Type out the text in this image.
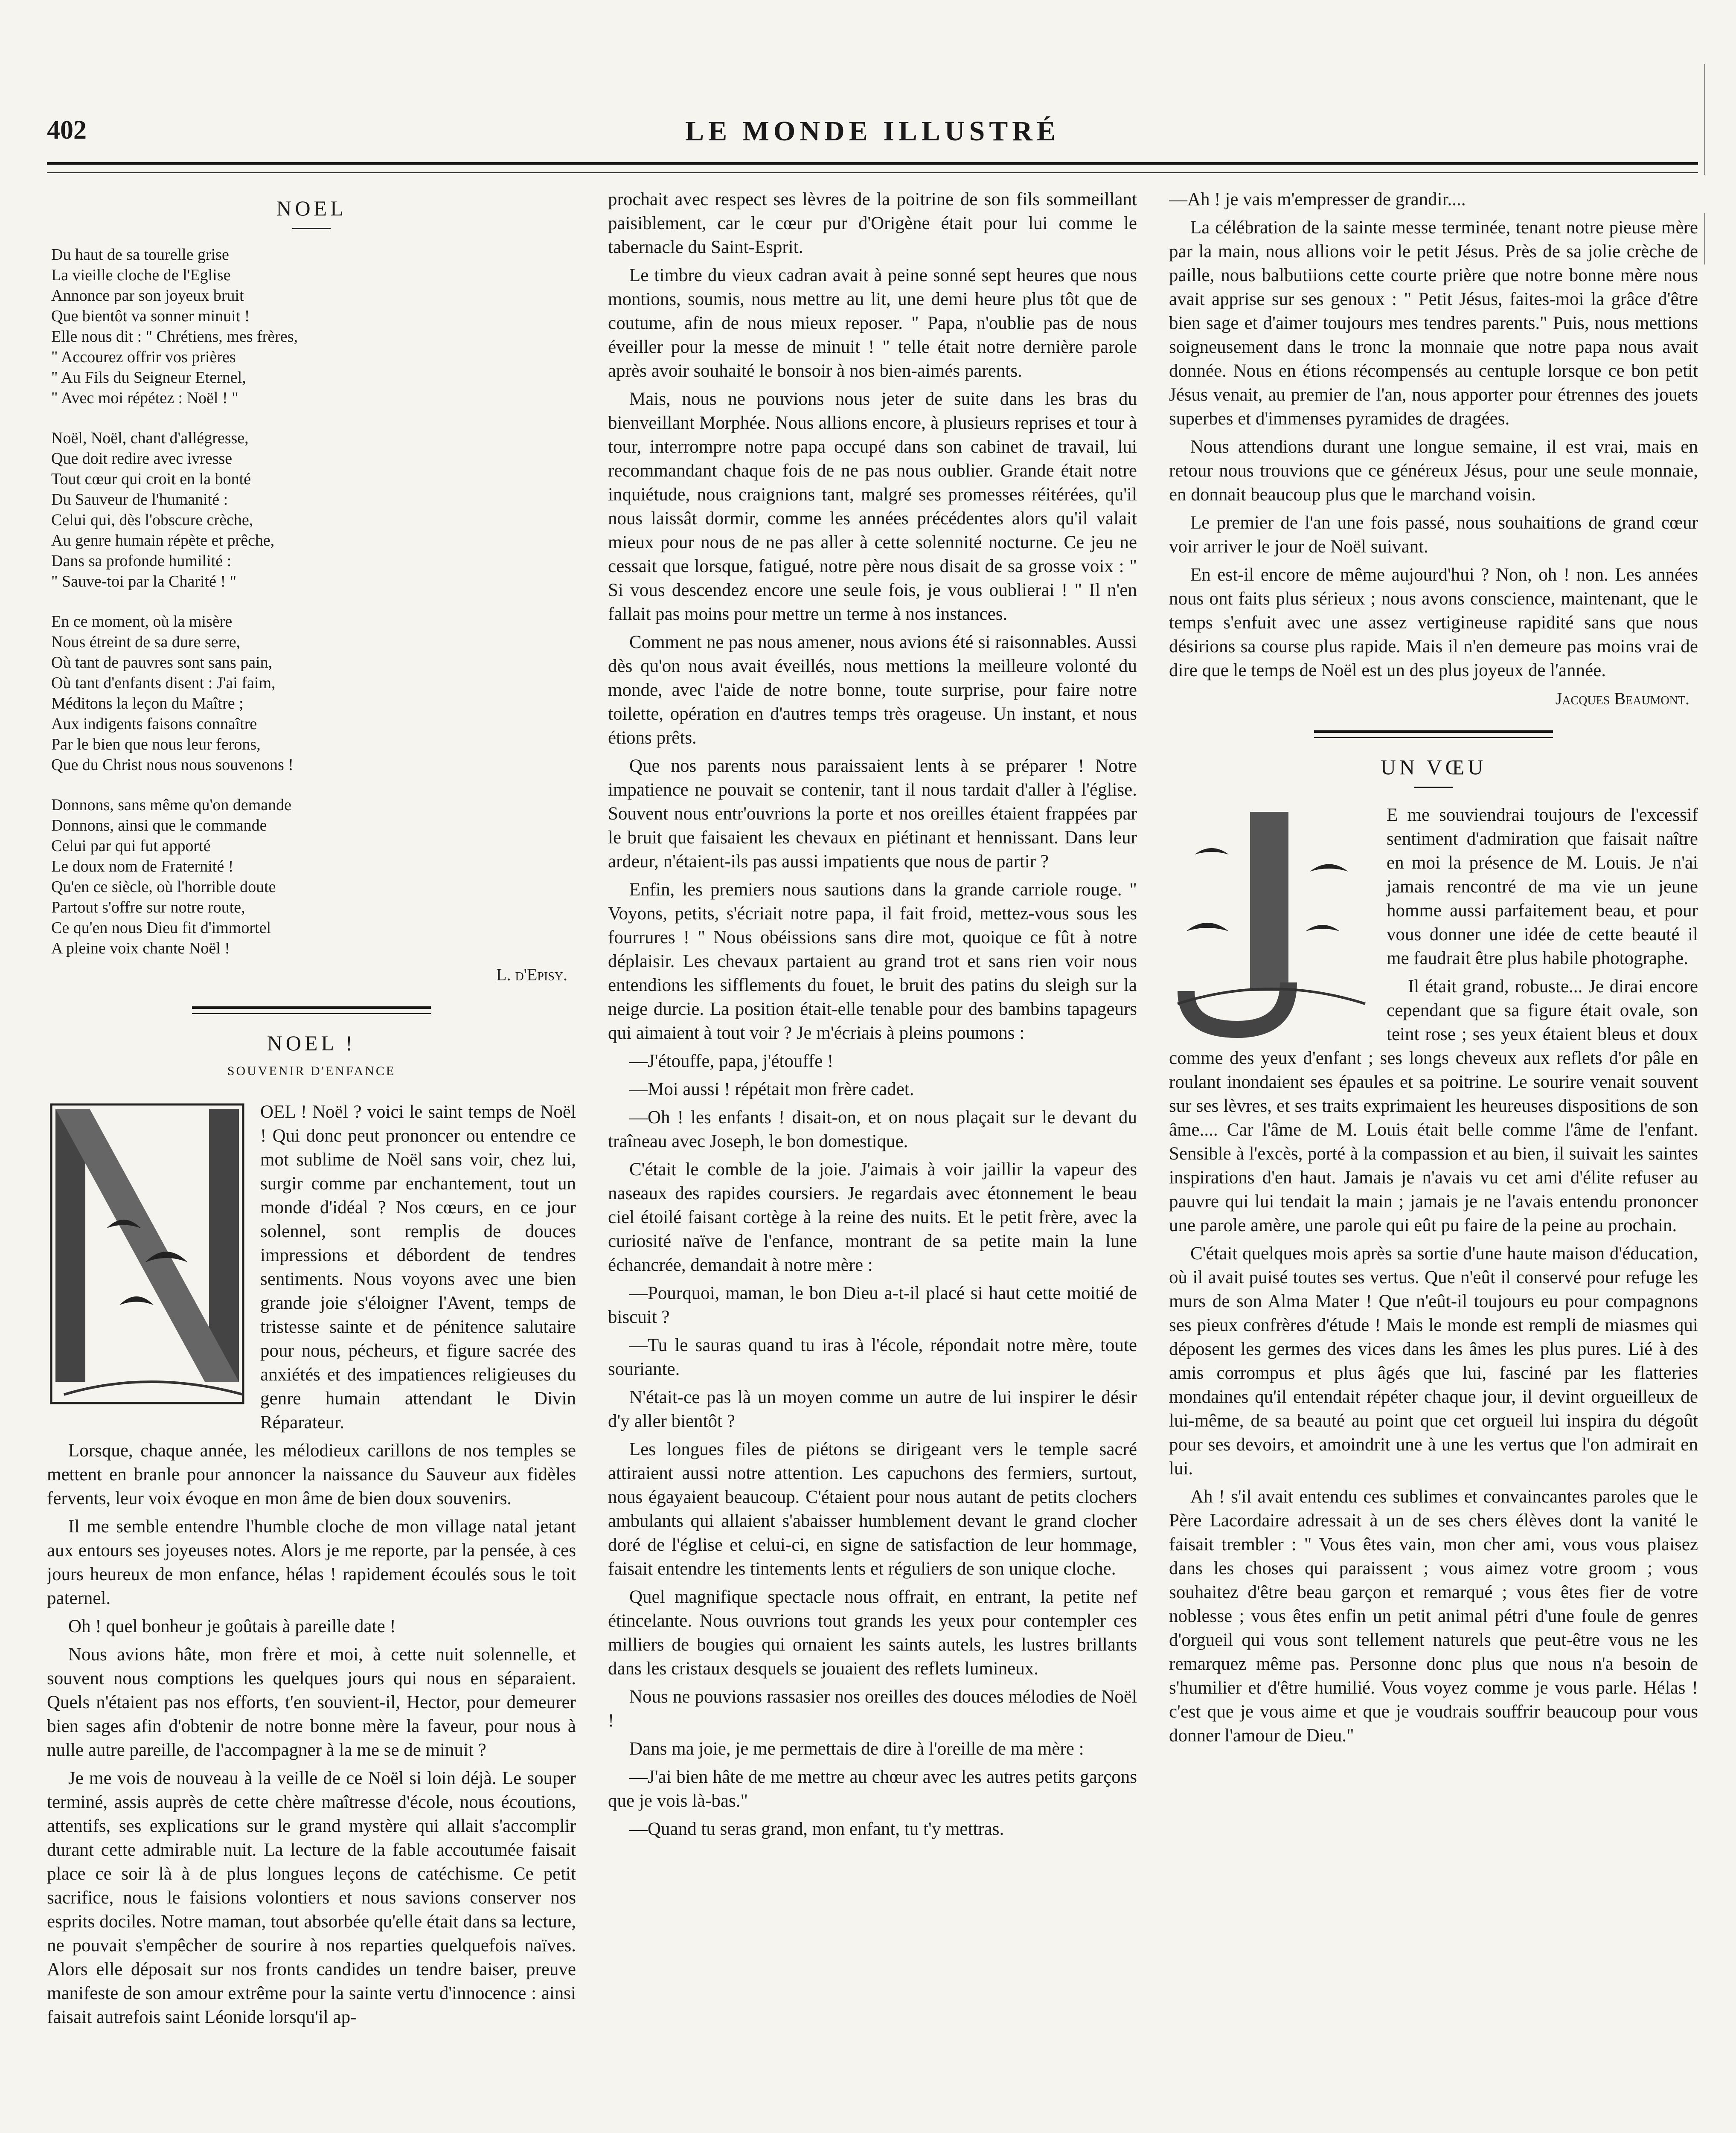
402	LE MONDE ILLUSTRÉ
NOEL
Du haut de sa tourelle grise
La vieille cloche de l'Eglise
Annonce par son joyeux bruit
Que bientôt va sonner minuit !
Elle nous dit : " Chrétiens, mes frères,
" Accourez offrir vos prières
" Au Fils du Seigneur Eternel,
" Avec moi répétez : Noël ! "
Noël, Noël, chant d'allégresse,
Que doit redire avec ivresse
Tout cœur qui croit en la bonté
Du Sauveur de l'humanité :
Celui qui, dès l'obscure crèche,
Au genre humain répète et prêche,
Dans sa profonde humilité :
" Sauve-toi par la Charité ! "
En ce moment, où la misère
Nous étreint de sa dure serre,
Où tant de pauvres sont sans pain,
Où tant d'enfants disent : J'ai faim,
Méditons la leçon du Maître ;
Aux indigents faisons connaître
Par le bien que nous leur ferons,
Que du Christ nous nous souvenons !
Donnons, sans même qu'on demande
Donnons, ainsi que le commande
Celui par qui fut apporté
Le doux nom de Fraternité !
Qu'en ce siècle, où l'horrible doute
Partout s'offre sur notre route,
Ce qu'en nous Dieu fit d'immortel
A pleine voix chante Noël !
L. d'Episy.
NOEL !
SOUVENIR D'ENFANCE

OEL ! Noël ? voici le saint temps de Noël ! Qui donc peut prononcer ou entendre ce mot sublime de Noël sans voir, chez lui, surgir comme par enchantement, tout un monde d'idéal ? Nos cœurs, en ce jour solennel, sont remplis de douces impressions et débordent de tendres sentiments. Nous voyons avec une bien grande joie s'éloigner l'Avent, temps de tristesse sainte et de pénitence salutaire pour nous, pécheurs, et figure sacrée des anxiétés et des impatiences religieuses du genre humain attendant le Divin Réparateur.

Lorsque, chaque année, les mélodieux carillons de nos temples se mettent en branle pour annoncer la naissance du Sauveur aux fidèles fervents, leur voix évoque en mon âme de bien doux souvenirs.

Il me semble entendre l'humble cloche de mon village natal jetant aux entours ses joyeuses notes. Alors je me reporte, par la pensée, à ces jours heureux de mon enfance, hélas ! rapidement écoulés sous le toit paternel.

Oh ! quel bonheur je goûtais à pareille date !

Nous avions hâte, mon frère et moi, à cette nuit solennelle, et souvent nous comptions les quelques jours qui nous en séparaient. Quels n'étaient pas nos efforts, t'en souvient-il, Hector, pour demeurer bien sages afin d'obtenir de notre bonne mère la faveur, pour nous à nulle autre pareille, de l'accompagner à la me se de minuit ?

Je me vois de nouveau à la veille de ce Noël si loin déjà. Le souper terminé, assis auprès de cette chère maîtresse d'école, nous écoutions, attentifs, ses explications sur le grand mystère qui allait s'accomplir durant cette admirable nuit. La lecture de la fable accoutumée faisait place ce soir là à de plus longues leçons de catéchisme. Ce petit sacrifice, nous le faisions volontiers et nous savions conserver nos esprits dociles. Notre maman, tout absorbée qu'elle était dans sa lecture, ne pouvait s'empêcher de sourire à nos reparties quelquefois naïves. Alors elle déposait sur nos fronts candides un tendre baiser, preuve manifeste de son amour extrême pour la sainte vertu d'innocence : ainsi faisait autrefois saint Léonide lorsqu'il ap-

prochait avec respect ses lèvres de la poitrine de son fils sommeillant paisiblement, car le cœur pur d'Origène était pour lui comme le tabernacle du Saint-Esprit.

Le timbre du vieux cadran avait à peine sonné sept heures que nous montions, soumis, nous mettre au lit, une demi heure plus tôt que de coutume, afin de nous mieux reposer. " Papa, n'oublie pas de nous éveiller pour la messe de minuit ! " telle était notre dernière parole après avoir souhaité le bonsoir à nos bien-aimés parents.

Mais, nous ne pouvions nous jeter de suite dans les bras du bienveillant Morphée. Nous allions encore, à plusieurs reprises et tour à tour, interrompre notre papa occupé dans son cabinet de travail, lui recommandant chaque fois de ne pas nous oublier. Grande était notre inquiétude, nous craignions tant, malgré ses promesses réitérées, qu'il nous laissât dormir, comme les années précédentes alors qu'il valait mieux pour nous de ne pas aller à cette solennité nocturne. Ce jeu ne cessait que lorsque, fatigué, notre père nous disait de sa grosse voix : " Si vous descendez encore une seule fois, je vous oublierai ! " Il n'en fallait pas moins pour mettre un terme à nos instances.

Comment ne pas nous amener, nous avions été si raisonnables. Aussi dès qu'on nous avait éveillés, nous mettions la meilleure volonté du monde, avec l'aide de notre bonne, toute surprise, pour faire notre toilette, opération en d'autres temps très orageuse. Un instant, et nous étions prêts.

Que nos parents nous paraissaient lents à se préparer ! Notre impatience ne pouvait se contenir, tant il nous tardait d'aller à l'église. Souvent nous entr'ouvrions la porte et nos oreilles étaient frappées par le bruit que faisaient les chevaux en piétinant et hennissant. Dans leur ardeur, n'étaient-ils pas aussi impatients que nous de partir ?

Enfin, les premiers nous sautions dans la grande carriole rouge. " Voyons, petits, s'écriait notre papa, il fait froid, mettez-vous sous les fourrures ! " Nous obéissions sans dire mot, quoique ce fût à notre déplaisir. Les chevaux partaient au grand trot et sans rien voir nous entendions les sifflements du fouet, le bruit des patins du sleigh sur la neige durcie. La position était-elle tenable pour des bambins tapageurs qui aimaient à tout voir ? Je m'écriais à pleins poumons :

—J'étouffe, papa, j'étouffe !

—Moi aussi ! répétait mon frère cadet.

—Oh ! les enfants ! disait-on, et on nous plaçait sur le devant du traîneau avec Joseph, le bon domestique.

C'était le comble de la joie. J'aimais à voir jaillir la vapeur des naseaux des rapides coursiers. Je regardais avec étonnement le beau ciel étoilé faisant cortège à la reine des nuits. Et le petit frère, avec la curiosité naïve de l'enfance, montrant de sa petite main la lune échancrée, demandait à notre mère :

—Pourquoi, maman, le bon Dieu a-t-il placé si haut cette moitié de biscuit ?

—Tu le sauras quand tu iras à l'école, répondait notre mère, toute souriante.

N'était-ce pas là un moyen comme un autre de lui inspirer le désir d'y aller bientôt ?

Les longues files de piétons se dirigeant vers le temple sacré attiraient aussi notre attention. Les capuchons des fermiers, surtout, nous égayaient beaucoup. C'étaient pour nous autant de petits clochers ambulants qui allaient s'abaisser humblement devant le grand clocher doré de l'église et celui-ci, en signe de satisfaction de leur hommage, faisait entendre les tintements lents et réguliers de son unique cloche.

Quel magnifique spectacle nous offrait, en entrant, la petite nef étincelante. Nous ouvrions tout grands les yeux pour contempler ces milliers de bougies qui ornaient les saints autels, les lustres brillants dans les cristaux desquels se jouaient des reflets lumineux.

Nous ne pouvions rassasier nos oreilles des douces mélodies de Noël !

Dans ma joie, je me permettais de dire à l'oreille de ma mère :

—J'ai bien hâte de me mettre au chœur avec les autres petits garçons que je vois là-bas."

—Quand tu seras grand, mon enfant, tu t'y mettras.

—Ah ! je vais m'empresser de grandir....

La célébration de la sainte messe terminée, tenant notre pieuse mère par la main, nous allions voir le petit Jésus. Près de sa jolie crèche de paille, nous balbutiions cette courte prière que notre bonne mère nous avait apprise sur ses genoux : " Petit Jésus, faites-moi la grâce d'être bien sage et d'aimer toujours mes tendres parents." Puis, nous mettions soigneusement dans le tronc la monnaie que notre papa nous avait donnée. Nous en étions récompensés au centuple lorsque ce bon petit Jésus venait, au premier de l'an, nous apporter pour étrennes des jouets superbes et d'immenses pyramides de dragées.

Nous attendions durant une longue semaine, il est vrai, mais en retour nous trouvions que ce généreux Jésus, pour une seule monnaie, en donnait beaucoup plus que le marchand voisin.

Le premier de l'an une fois passé, nous souhaitions de grand cœur voir arriver le jour de Noël suivant.

En est-il encore de même aujourd'hui ? Non, oh ! non. Les années nous ont faits plus sérieux ; nous avons conscience, maintenant, que le temps s'enfuit avec une assez vertigineuse rapidité sans que nous désirions sa course plus rapide. Mais il n'en demeure pas moins vrai de dire que le temps de Noël est un des plus joyeux de l'année.

Jacques Beaumont.
UN VŒU

E me souviendrai toujours de l'excessif sentiment d'admiration que faisait naître en moi la présence de M. Louis. Je n'ai jamais rencontré de ma vie un jeune homme aussi parfaitement beau, et pour vous donner une idée de cette beauté il me faudrait être plus habile photographe.

Il était grand, robuste... Je dirai encore cependant que sa figure était ovale, son teint rose ; ses yeux étaient bleus et doux comme des yeux d'enfant ; ses longs cheveux aux reflets d'or pâle en roulant inondaient ses épaules et sa poitrine. Le sourire venait souvent sur ses lèvres, et ses traits exprimaient les heureuses dispositions de son âme.... Car l'âme de M. Louis était belle comme l'âme de l'enfant. Sensible à l'excès, porté à la compassion et au bien, il suivait les saintes inspirations d'en haut. Jamais je n'avais vu cet ami d'élite refuser au pauvre qui lui tendait la main ; jamais je ne l'avais entendu prononcer une parole amère, une parole qui eût pu faire de la peine au prochain.

C'était quelques mois après sa sortie d'une haute maison d'éducation, où il avait puisé toutes ses vertus. Que n'eût il conservé pour refuge les murs de son Alma Mater ! Que n'eût-il toujours eu pour compagnons ses pieux confrères d'étude ! Mais le monde est rempli de miasmes qui déposent les germes des vices dans les âmes les plus pures. Lié à des amis corrompus et plus âgés que lui, fasciné par les flatteries mondaines qu'il entendait répéter chaque jour, il devint orgueilleux de lui-même, de sa beauté au point que cet orgueil lui inspira du dégoût pour ses devoirs, et amoindrit une à une les vertus que l'on admirait en lui.

Ah ! s'il avait entendu ces sublimes et convaincantes paroles que le Père Lacordaire adressait à un de ses chers élèves dont la vanité le faisait trembler : " Vous êtes vain, mon cher ami, vous vous plaisez dans les choses qui paraissent ; vous aimez votre groom ; vous souhaitez d'être beau garçon et remarqué ; vous êtes fier de votre noblesse ; vous êtes enfin un petit animal pétri d'une foule de genres d'orgueil qui vous sont tellement naturels que peut-être vous ne les remarquez même pas. Personne donc plus que nous n'a besoin de s'humilier et d'être humilié. Vous voyez comme je vous parle. Hélas ! c'est que je vous aime et que je voudrais souffrir beaucoup pour vous donner l'amour de Dieu."
